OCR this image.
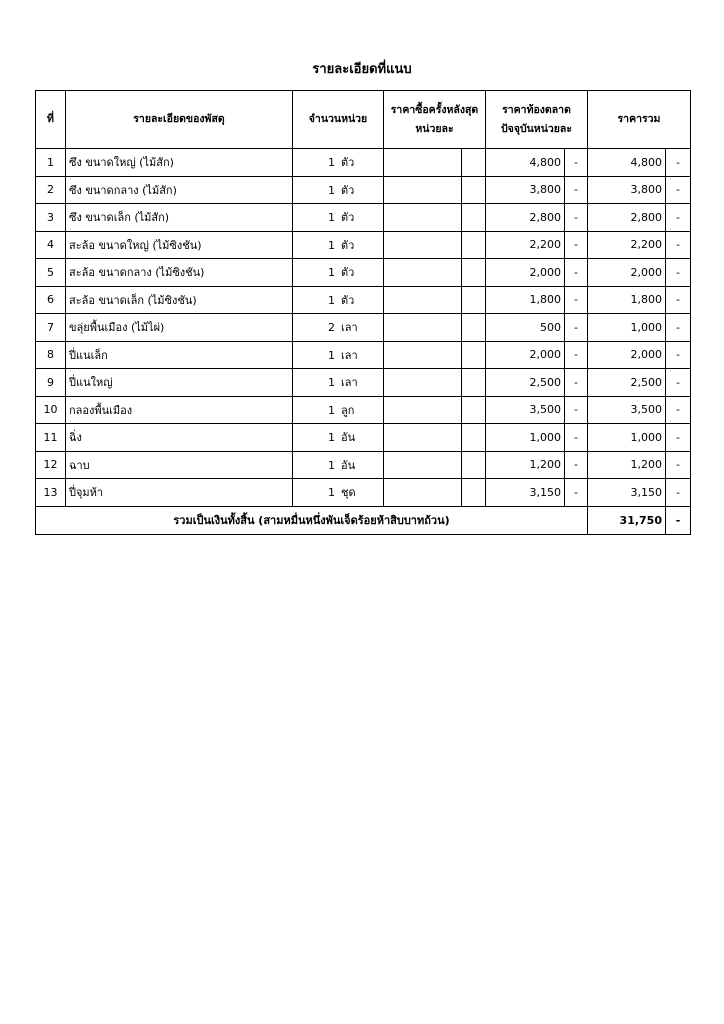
รายละเอียดที่แนบ
ที่	รายละเอียดของพัสดุ	จำนวนหน่วย	ราคาซื้อครั้งหลังสุด หน่วยละ		ราคาท้องตลาด ปัจจุบันหน่วยละ		ราคารวม	
1	ซึง ขนาดใหญ่ (ไม้สัก)	1 ตัว			4,800	-	4,800	-
2	ซึง ขนาดกลาง (ไม้สัก)	1 ตัว			3,800	-	3,800	-
3	ซึง ขนาดเล็ก (ไม้สัก)	1 ตัว			2,800	-	2,800	-
4	สะล้อ ขนาดใหญ่ (ไม้ซิงชัน)	1 ตัว			2,200	-	2,200	-
5	สะล้อ ขนาดกลาง (ไม้ซิงชัน)	1 ตัว			2,000	-	2,000	-
6	สะล้อ ขนาดเล็ก (ไม้ซิงชัน)	1 ตัว			1,800	-	1,800	-
7	ขลุ่ยพื้นเมือง (ไม้ไผ่)	2 เลา			500	-	1,000	-
8	ปี่แนเล็ก	1 เลา			2,000	-	2,000	-
9	ปี่แนใหญ่	1 เลา			2,500	-	2,500	-
10	กลองพื้นเมือง	1 ลูก			3,500	-	3,500	-
11	ฉิ่ง	1 อัน			1,000	-	1,000	-
12	ฉาบ	1 อัน			1,200	-	1,200	-
13	ปี่จุมห้า	1 ชุด			3,150	-	3,150	-
รวมเป็นเงินทั้งสิ้น (สามหมื่นหนึ่งพันเจ็ดร้อยห้าสิบบาทถ้วน)							31,750	-
